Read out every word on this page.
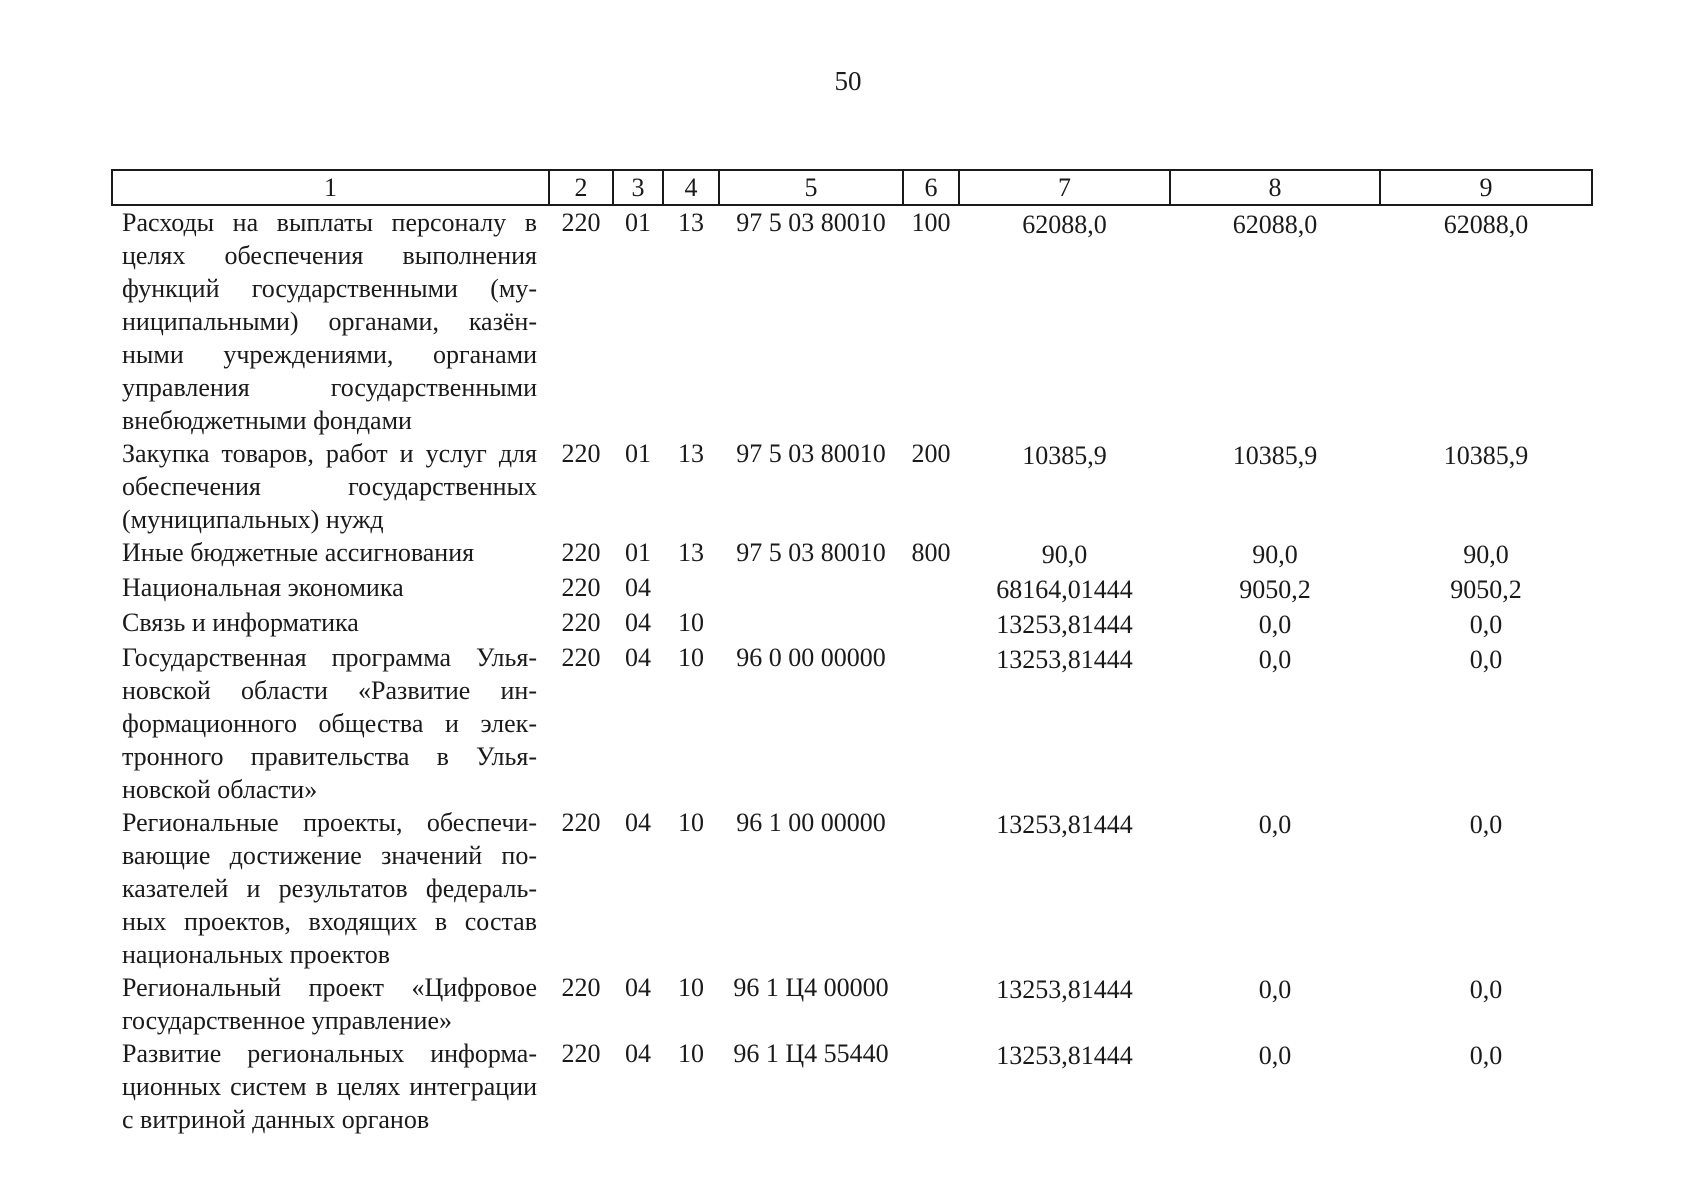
50
1	2	3	4	5	6	7	8	9
Расходы на выплаты персоналу в целях обеспечения выполнения функций государственными (муниципальными) органами, казёнными учреждениями, органами управления государственными внебюджетными фондами	220	01	13	97 5 03 80010	100	62088,0	62088,0	62088,0
Закупка товаров, работ и услуг для обеспечения государственных (муниципальных) нужд	220	01	13	97 5 03 80010	200	10385,9	10385,9	10385,9
Иные бюджетные ассигнования	220	01	13	97 5 03 80010	800	90,0	90,0	90,0
Национальная экономика	220	04				68164,01444	9050,2	9050,2
Связь и информатика	220	04	10			13253,81444	0,0	0,0
Государственная программа Ульяновской области «Развитие информационного общества и электронного правительства в Ульяновской области»	220	04	10	96 0 00 00000		13253,81444	0,0	0,0
Региональные проекты, обеспечивающие достижение значений показателей и результатов федеральных проектов, входящих в состав национальных проектов	220	04	10	96 1 00 00000		13253,81444	0,0	0,0
Региональный проект «Цифровое государственное управление»	220	04	10	96 1 Ц4 00000		13253,81444	0,0	0,0
Развитие региональных информационных систем в целях интеграции с витриной данных органов	220	04	10	96 1 Ц4 55440		13253,81444	0,0	0,0
